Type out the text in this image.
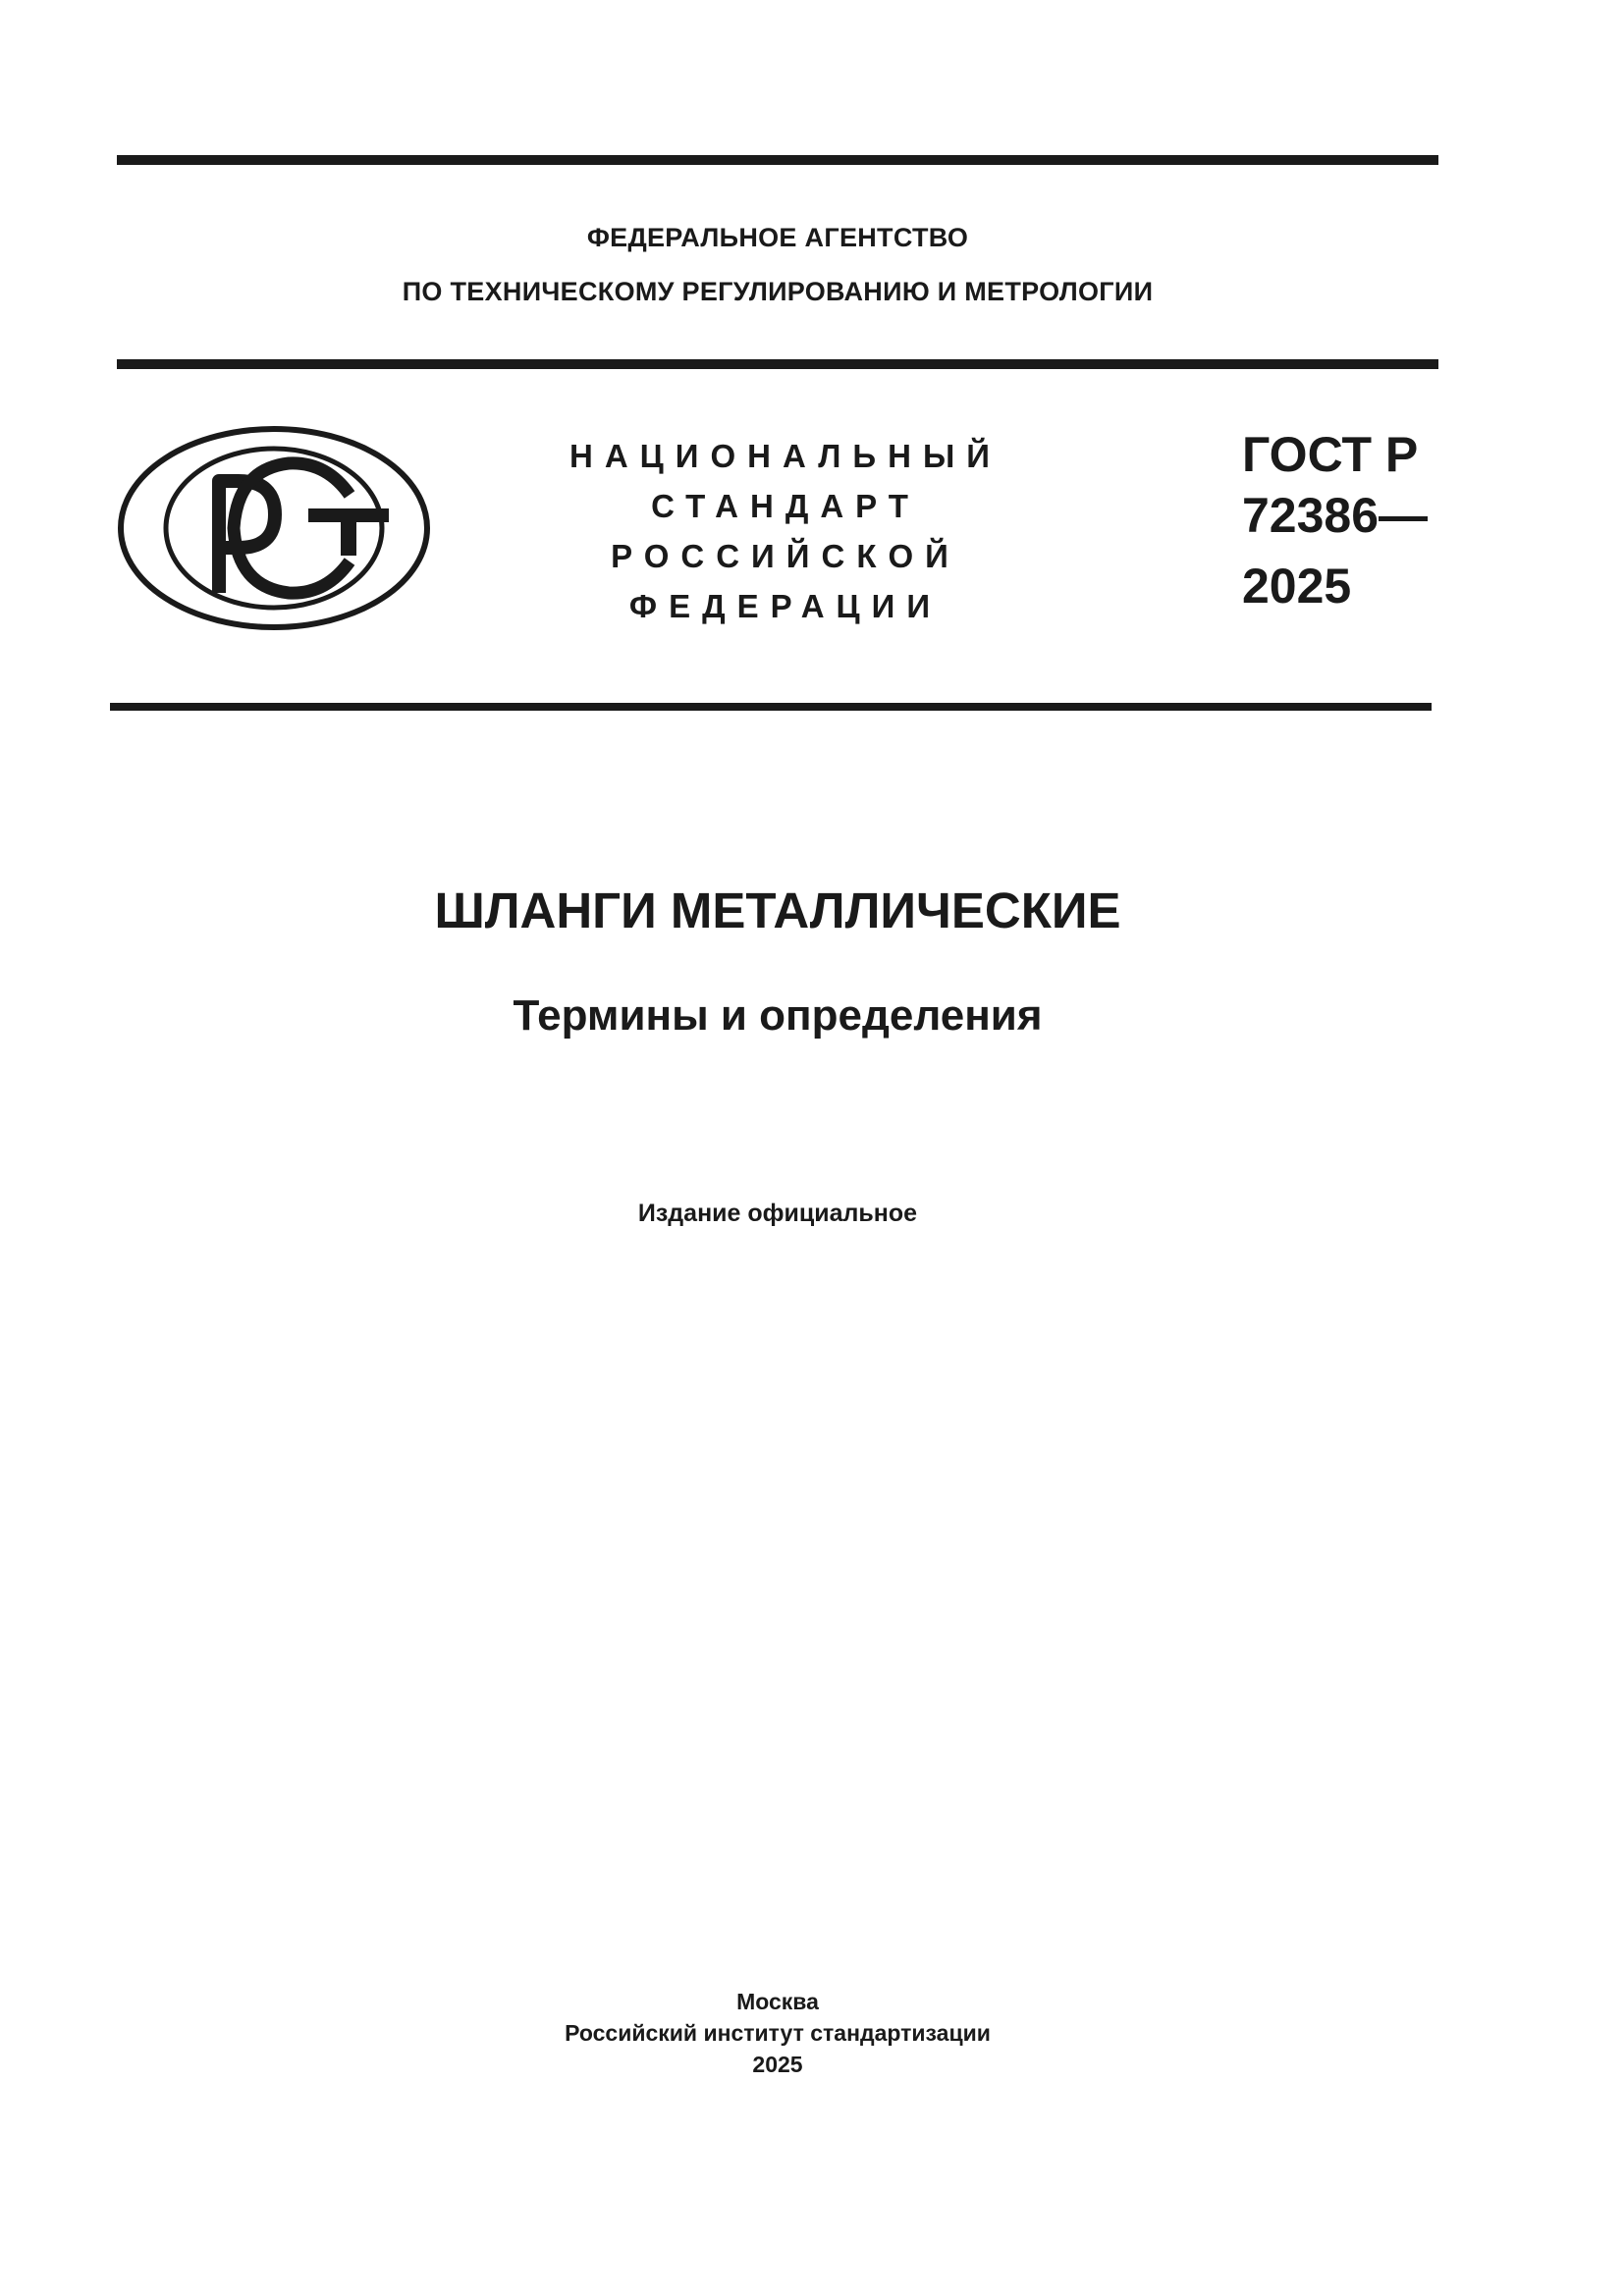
ФЕДЕРАЛЬНОЕ АГЕНТСТВО
ПО ТЕХНИЧЕСКОМУ РЕГУЛИРОВАНИЮ И МЕТРОЛОГИИ
НАЦИОНАЛЬНЫЙ
СТАНДАРТ
РОССИЙСКОЙ
ФЕДЕРАЦИИ
ГОСТ Р
72386—
2025
ШЛАНГИ МЕТАЛЛИЧЕСКИЕ
Термины и определения
Издание официальное
Москва
Российский институт стандартизации
2025
